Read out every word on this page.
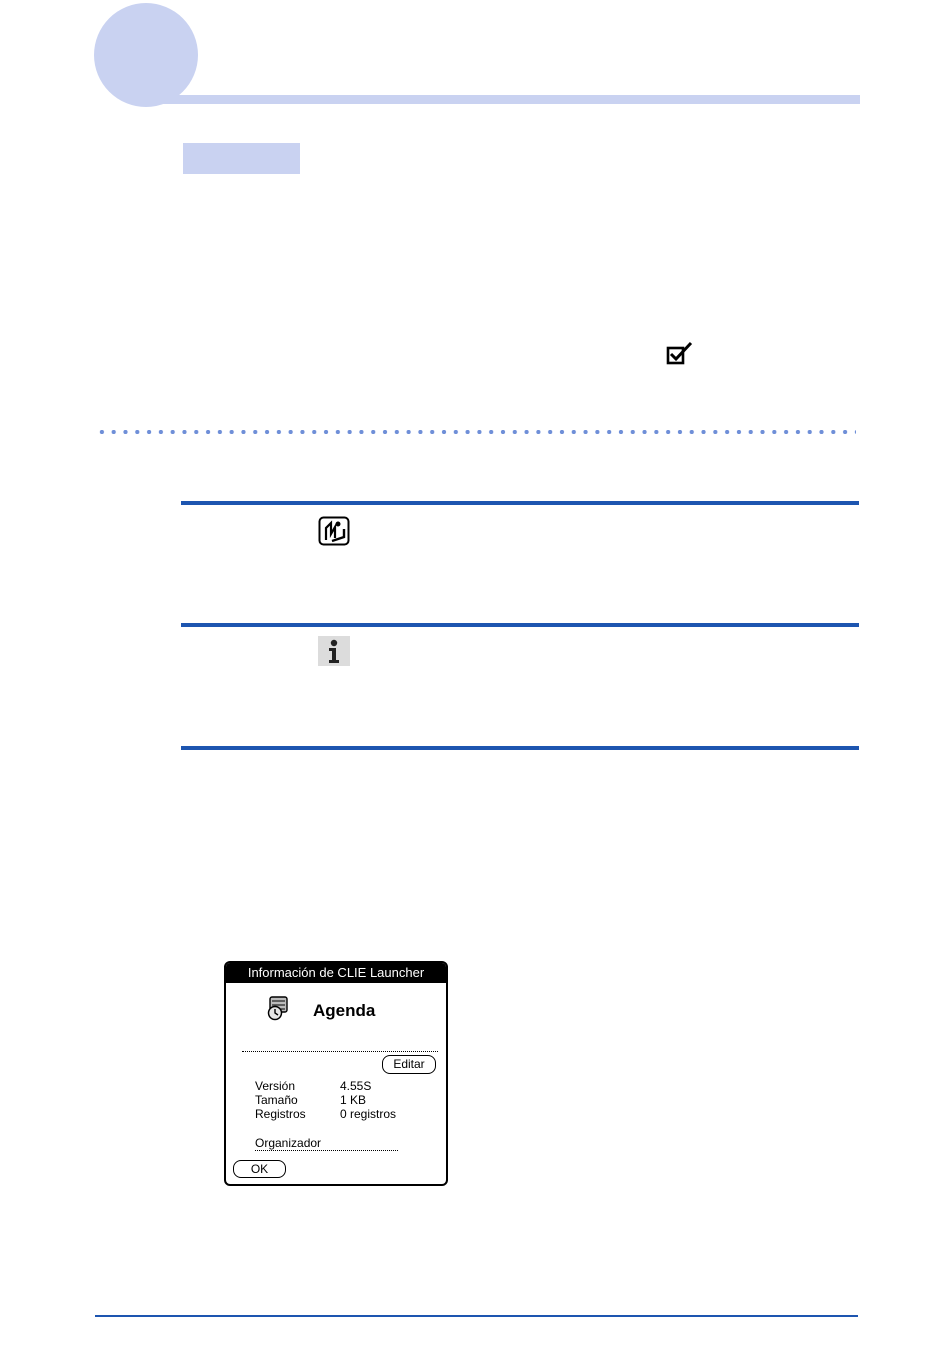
Información de CLIE Launcher
Agenda
Editar
Versión	4.55S
Tamaño	1 KB
Registros	0 registros
Organizador
OK
